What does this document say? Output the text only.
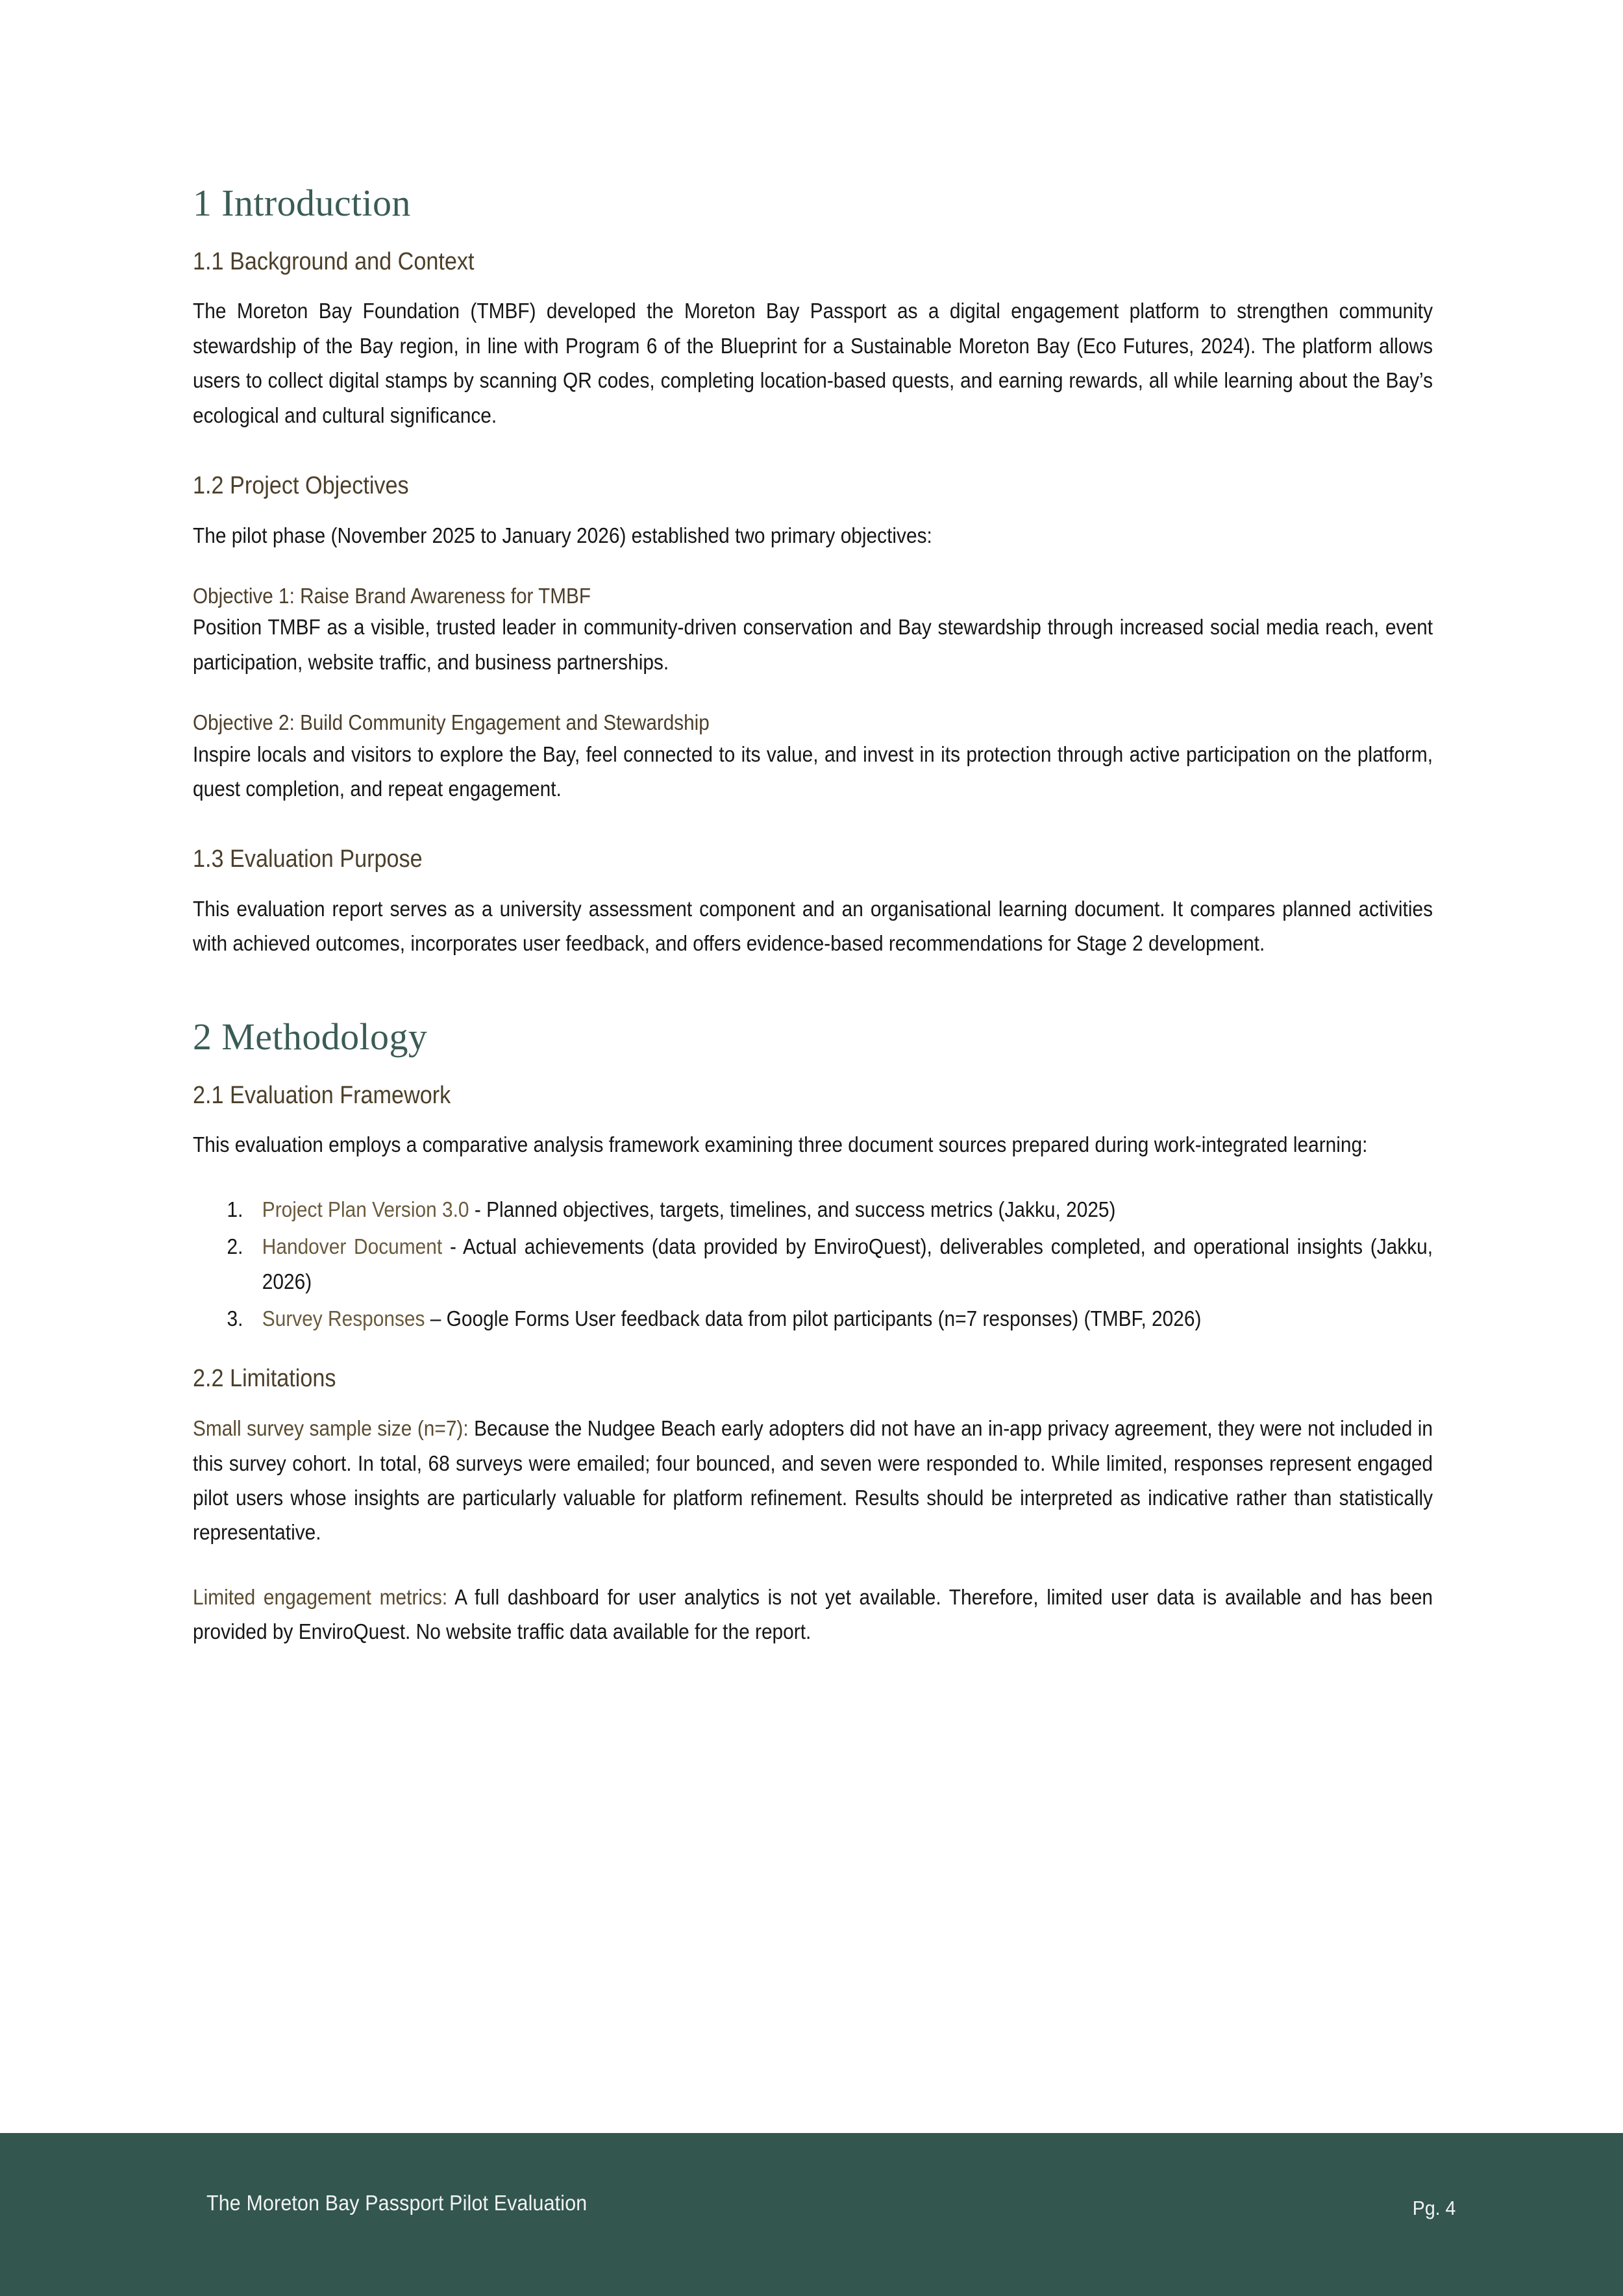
1 Introduction
1.1 Background and Context

The Moreton Bay Foundation (TMBF) developed the Moreton Bay Passport as a digital engagement platform to strengthen community stewardship of the Bay region, in line with Program 6 of the Blueprint for a Sustainable Moreton Bay (Eco Futures, 2024). The platform allows users to collect digital stamps by scanning QR codes, completing location-based quests, and earning rewards, all while learning about the Bay’s ecological and cultural significance.

1.2 Project Objectives

The pilot phase (November 2025 to January 2026) established two primary objectives:

Objective 1: Raise Brand Awareness for TMBF

Position TMBF as a visible, trusted leader in community-driven conservation and Bay stewardship through increased social media reach, event participation, website traffic, and business partnerships.

Objective 2: Build Community Engagement and Stewardship

Inspire locals and visitors to explore the Bay, feel connected to its value, and invest in its protection through active participation on the platform, quest completion, and repeat engagement.

1.3 Evaluation Purpose

This evaluation report serves as a university assessment component and an organisational learning document. It compares planned activities with achieved outcomes, incorporates user feedback, and offers evidence-based recommendations for Stage 2 development.

2 Methodology
2.1 Evaluation Framework

This evaluation employs a comparative analysis framework examining three document sources prepared during work-integrated learning:

1. Project Plan Version 3.0 - Planned objectives, targets, timelines, and success metrics (Jakku, 2025)
2. Handover Document - Actual achievements (data provided by EnviroQuest), deliverables completed, and operational insights (Jakku, 2026)
3. Survey Responses – Google Forms User feedback data from pilot participants (n=7 responses) (TMBF, 2026)
2.2 Limitations

Small survey sample size (n=7): Because the Nudgee Beach early adopters did not have an in-app privacy agreement, they were not included in this survey cohort. In total, 68 surveys were emailed; four bounced, and seven were responded to. While limited, responses represent engaged pilot users whose insights are particularly valuable for platform refinement. Results should be interpreted as indicative rather than statistically representative.

Limited engagement metrics: A full dashboard for user analytics is not yet available. Therefore, limited user data is available and has been provided by EnviroQuest. No website traffic data available for the report.

The Moreton Bay Passport Pilot Evaluation	Pg. 4
